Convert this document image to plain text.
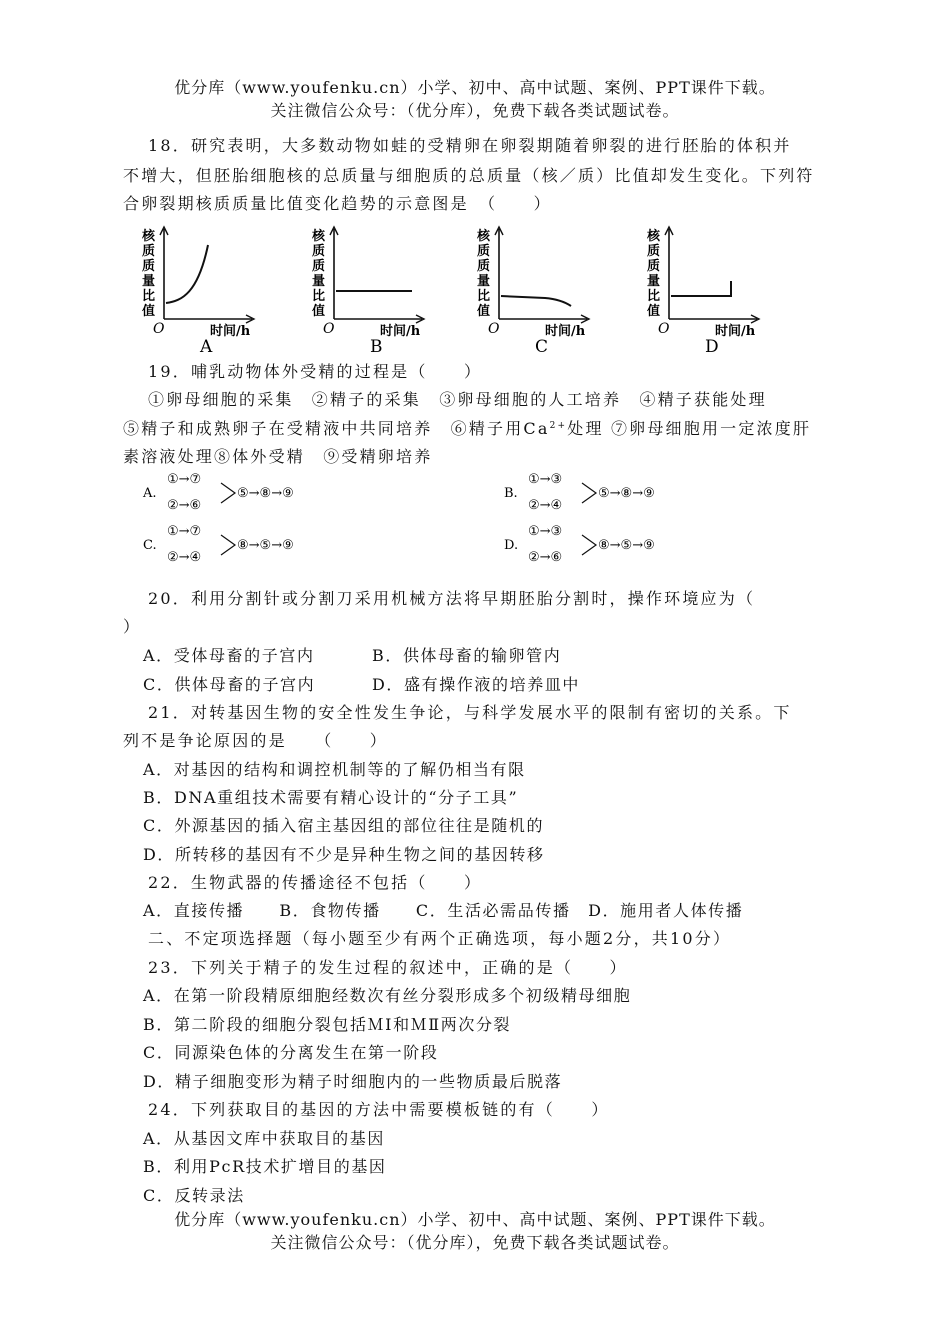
优分库（www.youfenku.cn）小学、初中、高中试题、案例、PPT课件下载。
关注微信公众号：（优分库），免费下载各类试题试卷。
18．研究表明，大多数动物如蛙的受精卵在卵裂期随着卵裂的进行胚胎的体积并
不增大，但胚胎细胞核的总质量与细胞质的总质量（核／质）比值却发生变化。下列符
合卵裂期核质质量比值变化趋势的示意图是　（　　）
核
质
质
量
比
值
O	时间/h
A
核
质
质
量
比
值
O	时间/h
B
核
质
质
量
比
值
O	时间/h
C
核
质
质
量
比
值
O	时间/h
D
19．哺乳动物体外受精的过程是（　　）
①卵母细胞的采集　②精子的采集　③卵母细胞的人工培养　④精子获能处理
⑤精子和成熟卵子在受精液中共同培养　⑥精子用$Ca^{2+}$处理 ⑦卵母细胞用一定浓度肝
素溶液处理⑧体外受精　⑨受精卵培养
A.
①→⑦
②→⑥
⑤→⑧→⑨	B.
①→③
②→④
⑤→⑧→⑨
C.
①→⑦
②→④
⑧→⑤→⑨	D.
①→③
②→⑥
⑧→⑤→⑨
20．利用分割针或分割刀采用机械方法将早期胚胎分割时，操作环境应为（
）
A．受体母畜的子宫内	B．供体母畜的输卵管内
C．供体母畜的子宫内	D．盛有操作液的培养皿中
21．对转基因生物的安全性发生争论，与科学发展水平的限制有密切的关系。下
列不是争论原因的是　　（　　）
A．对基因的结构和调控机制等的了解仍相当有限
B．DNA重组技术需要有精心设计的“分子工具”
C．外源基因的插入宿主基因组的部位往往是随机的
D．所转移的基因有不少是异种生物之间的基因转移
22．生物武器的传播途径不包括（　　）
A．直接传播　　B．食物传播　　C．生活必需品传播　D．施用者人体传播
二、不定项选择题（每小题至少有两个正确选项，每小题2分，共10分）
23．下列关于精子的发生过程的叙述中，正确的是（　　）
A．在第一阶段精原细胞经数次有丝分裂形成多个初级精母细胞
B．第二阶段的细胞分裂包括ＭⅠ和ＭⅡ两次分裂
C．同源染色体的分离发生在第一阶段
D．精子细胞变形为精子时细胞内的一些物质最后脱落
24．下列获取目的基因的方法中需要模板链的有（　　）
A．从基因文库中获取目的基因
B．利用PcR技术扩增目的基因
C．反转录法
优分库（www.youfenku.cn）小学、初中、高中试题、案例、PPT课件下载。
关注微信公众号：（优分库），免费下载各类试题试卷。
